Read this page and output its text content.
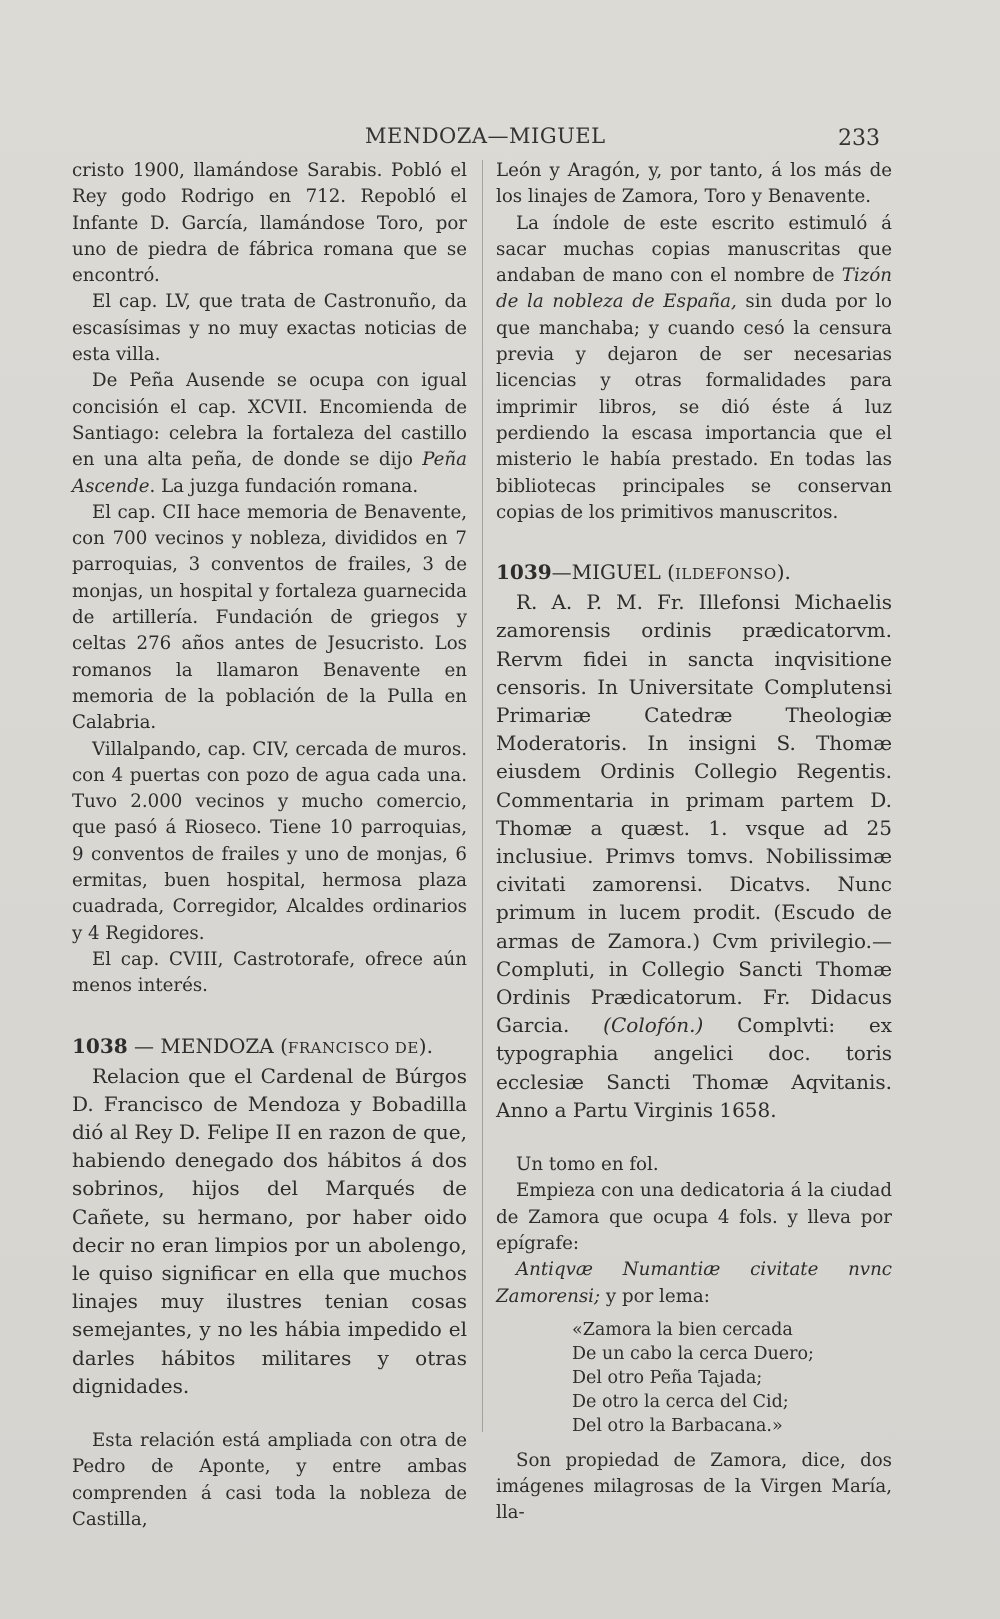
MENDOZA—MIGUEL	233

cristo 1900, llamándose Sarabis. Pobló el Rey godo Rodrigo en 712. Repobló el Infante D. García, llamándose Toro, por uno de piedra de fábrica romana que se encontró.

El cap. LV, que trata de Castronuño, da escasísimas y no muy exactas noticias de esta villa.

De Peña Ausende se ocupa con igual concisión el cap. XCVII. Encomienda de Santiago: celebra la fortaleza del castillo en una alta peña, de donde se dijo Peña Ascende. La juzga fundación romana.

El cap. CII hace memoria de Benavente, con 700 vecinos y nobleza, divididos en 7 parroquias, 3 conventos de frailes, 3 de monjas, un hospital y fortaleza guarnecida de artillería. Fundación de griegos y celtas 276 años antes de Jesucristo. Los romanos la llamaron Benavente en memoria de la población de la Pulla en Calabria.

Villalpando, cap. CIV, cercada de muros. con 4 puertas con pozo de agua cada una. Tuvo 2.000 vecinos y mucho comercio, que pasó á Rioseco. Tiene 10 parroquias, 9 conventos de frailes y uno de monjas, 6 ermitas, buen hospital, hermosa plaza cuadrada, Corregidor, Alcaldes ordinarios y 4 Regidores.

El cap. CVIII, Castrotorafe, ofrece aún menos interés.

1038 — MENDOZA (FRANCISCO DE).

Relacion que el Cardenal de Búrgos D. Francisco de Mendoza y Bobadilla dió al Rey D. Felipe II en razon de que, habiendo denegado dos hábitos á dos sobrinos, hijos del Marqués de Cañete, su hermano, por haber oido decir no eran limpios por un abolengo, le quiso significar en ella que muchos linajes muy ilustres tenian cosas semejantes, y no les hábia impedido el darles hábitos militares y otras dignidades.

Esta relación está ampliada con otra de Pedro de Aponte, y entre ambas comprenden á casi toda la nobleza de Castilla,

León y Aragón, y, por tanto, á los más de los linajes de Zamora, Toro y Benavente.

La índole de este escrito estimuló á sacar muchas copias manuscritas que andaban de mano con el nombre de Tizón de la nobleza de España, sin duda por lo que manchaba; y cuando cesó la censura previa y dejaron de ser necesarias licencias y otras formalidades para imprimir libros, se dió éste á luz perdiendo la escasa importancia que el misterio le había prestado. En todas las bibliotecas principales se conservan copias de los primitivos manuscritos.

1039—MIGUEL (ILDEFONSO).

R. A. P. M. Fr. Illefonsi Michaelis zamorensis ordinis prædicatorvm. Rervm fidei in sancta inqvisitione censoris. In Universitate Complutensi Primariæ Catedræ Theologiæ Moderatoris. In insigni S. Thomæ eiusdem Ordinis Collegio Regentis. Commentaria in primam partem D. Thomæ a quæst. 1. vsque ad 25 inclusiue. Primvs tomvs. Nobilissimæ civitati zamorensi. Dicatvs. Nunc primum in lucem prodit. (Escudo de armas de Zamora.) Cvm privilegio.—Compluti, in Collegio Sancti Thomæ Ordinis Prædicatorum. Fr. Didacus Garcia. (Colofón.) Complvti: ex typographia angelici doc. toris ecclesiæ Sancti Thomæ Aqvitanis. Anno a Partu Virginis 1658.

Un tomo en fol.

Empieza con una dedicatoria á la ciudad de Zamora que ocupa 4 fols. y lleva por epígrafe:

Antiqvæ Numantiæ civitate nvnc Zamorensi; y por lema:

«Zamora la bien cercada
De un cabo la cerca Duero;
Del otro Peña Tajada;
De otro la cerca del Cid;
Del otro la Barbacana.»

Son propiedad de Zamora, dice, dos imágenes milagrosas de la Virgen María, lla-
